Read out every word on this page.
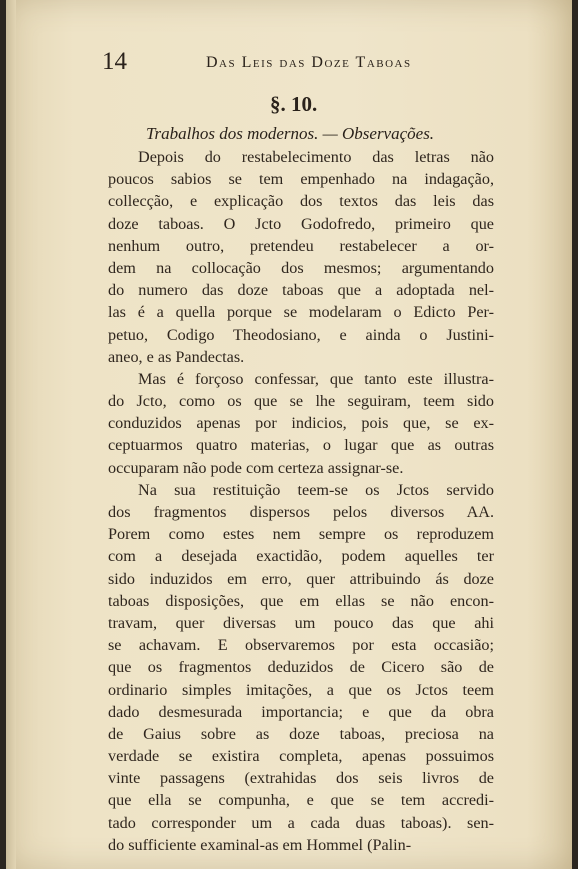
14	Das Leis das Doze Taboas
§. 10.
Trabalhos dos modernos. — Observações.
Depois do restabelecimento das letras não
poucos sabios se tem empenhado na indagação,
collecção, e explicação dos textos das leis das
doze taboas. O Jcto Godofredo, primeiro que
nenhum outro, pretendeu restabelecer a or-
dem na collocação dos mesmos; argumentando
do numero das doze taboas que a adoptada nel-
las é a quella porque se modelaram o Edicto Per-
petuo, Codigo Theodosiano, e ainda o Justini-
aneo, e as Pandectas.
Mas é forçoso confessar, que tanto este illustra-
do Jcto, como os que se lhe seguiram, teem sido
conduzidos apenas por indicios, pois que, se ex-
ceptuarmos quatro materias, o lugar que as outras
occuparam não pode com certeza assignar-se.
Na sua restituição teem-se os Jctos servido
dos fragmentos dispersos pelos diversos AA.
Porem como estes nem sempre os reproduzem
com a desejada exactidão, podem aquelles ter
sido induzidos em erro, quer attribuindo ás doze
taboas disposições, que em ellas se não encon-
travam, quer diversas um pouco das que ahi
se achavam. E observaremos por esta occasião;
que os fragmentos deduzidos de Cicero são de
ordinario simples imitações, a que os Jctos teem
dado desmesurada importancia; e que da obra
de Gaius sobre as doze taboas, preciosa na
verdade se existira completa, apenas possuimos
vinte passagens (extrahidas dos seis livros de
que ella se compunha, e que se tem accredi-
tado corresponder um a cada duas taboas). sen-
do sufficiente examinal-as em Hommel (Palin-
